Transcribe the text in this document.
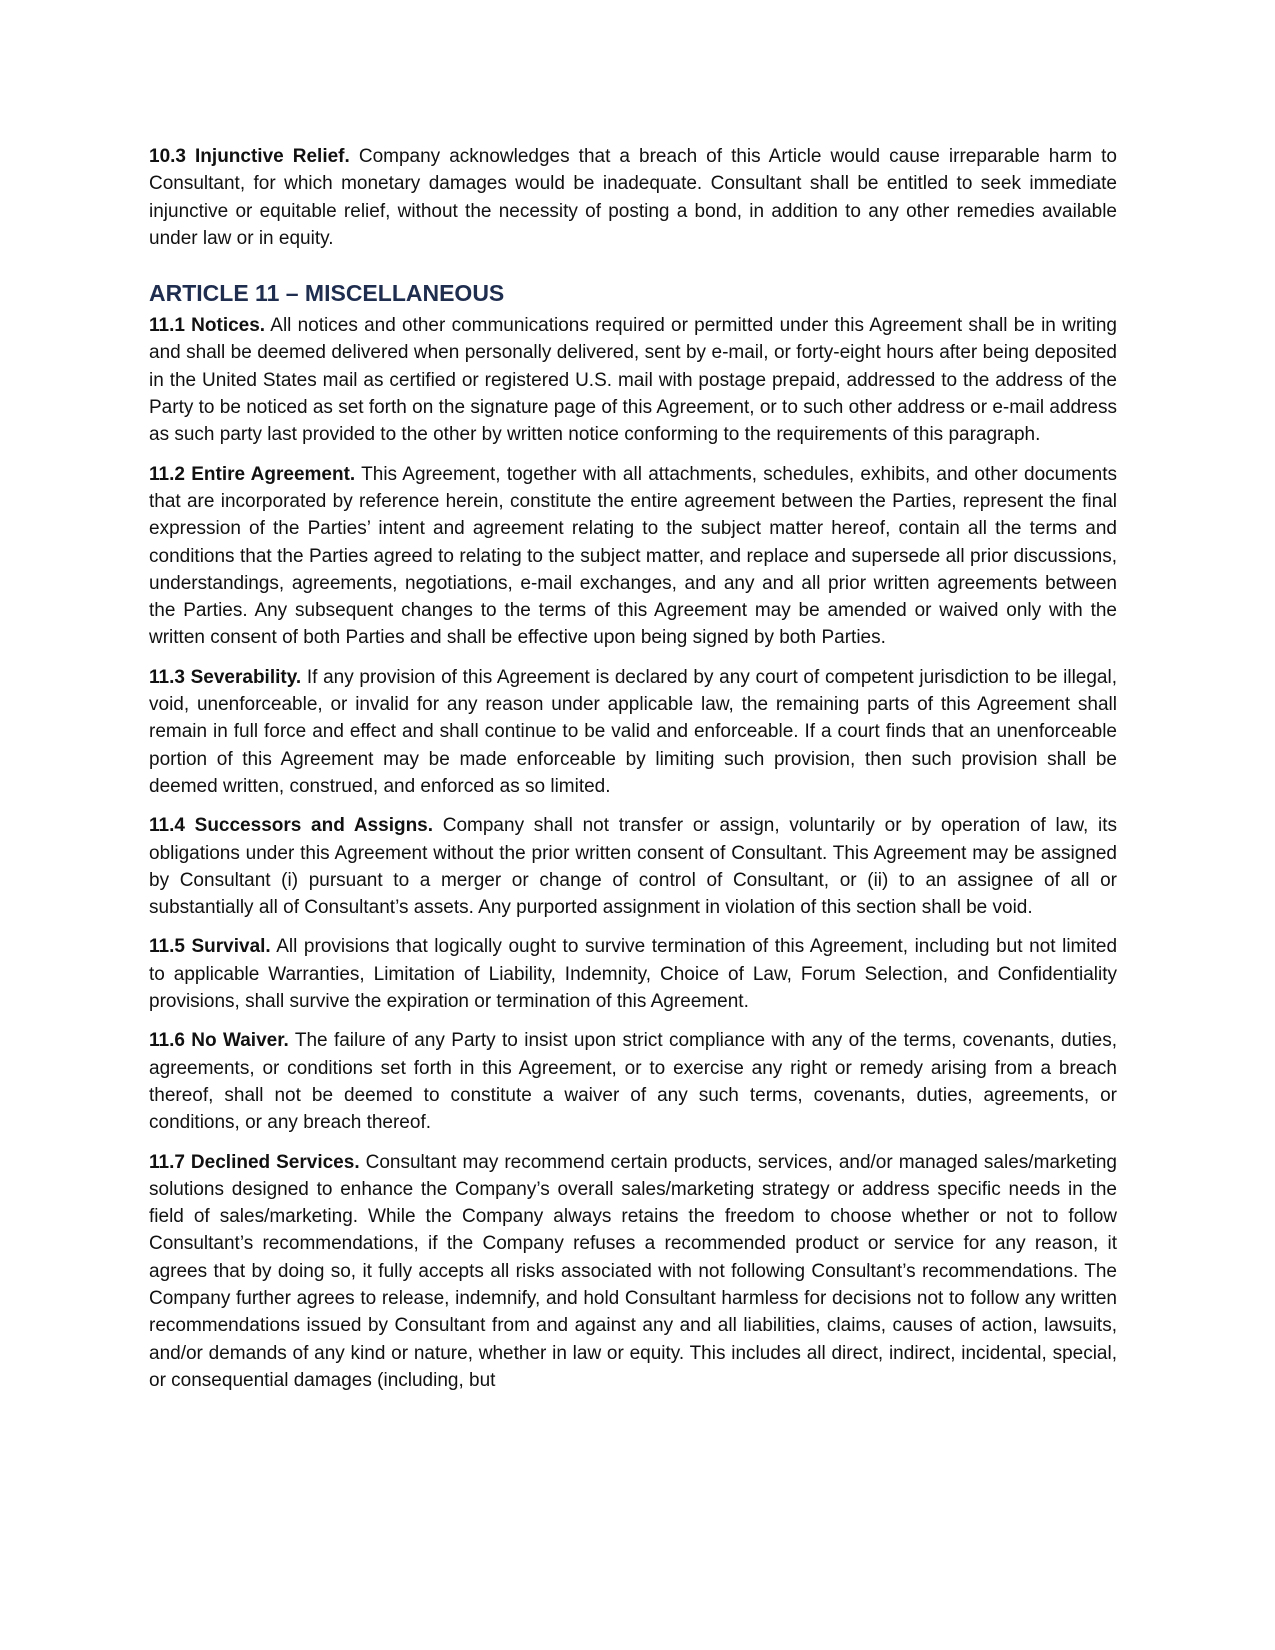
10.3 Injunctive Relief. Company acknowledges that a breach of this Article would cause irreparable harm to Consultant, for which monetary damages would be inadequate. Consultant shall be entitled to seek immediate injunctive or equitable relief, without the necessity of posting a bond, in addition to any other remedies available under law or in equity.

ARTICLE 11 – MISCELLANEOUS

11.1 Notices. All notices and other communications required or permitted under this Agreement shall be in writing and shall be deemed delivered when personally delivered, sent by e-mail, or forty-eight hours after being deposited in the United States mail as certified or registered U.S. mail with postage prepaid, addressed to the address of the Party to be noticed as set forth on the signature page of this Agreement, or to such other address or e-mail address as such party last provided to the other by written notice conforming to the requirements of this paragraph.

11.2 Entire Agreement. This Agreement, together with all attachments, schedules, exhibits, and other documents that are incorporated by reference herein, constitute the entire agreement between the Parties, represent the final expression of the Parties’ intent and agreement relating to the subject matter hereof, contain all the terms and conditions that the Parties agreed to relating to the subject matter, and replace and supersede all prior discussions, understandings, agreements, negotiations, e-mail exchanges, and any and all prior written agreements between the Parties. Any subsequent changes to the terms of this Agreement may be amended or waived only with the written consent of both Parties and shall be effective upon being signed by both Parties.

11.3 Severability. If any provision of this Agreement is declared by any court of competent jurisdiction to be illegal, void, unenforceable, or invalid for any reason under applicable law, the remaining parts of this Agreement shall remain in full force and effect and shall continue to be valid and enforceable. If a court finds that an unenforceable portion of this Agreement may be made enforceable by limiting such provision, then such provision shall be deemed written, construed, and enforced as so limited.

11.4 Successors and Assigns. Company shall not transfer or assign, voluntarily or by operation of law, its obligations under this Agreement without the prior written consent of Consultant. This Agreement may be assigned by Consultant (i) pursuant to a merger or change of control of Consultant, or (ii) to an assignee of all or substantially all of Consultant’s assets. Any purported assignment in violation of this section shall be void.

11.5 Survival. All provisions that logically ought to survive termination of this Agreement, including but not limited to applicable Warranties, Limitation of Liability, Indemnity, Choice of Law, Forum Selection, and Confidentiality provisions, shall survive the expiration or termination of this Agreement.

11.6 No Waiver. The failure of any Party to insist upon strict compliance with any of the terms, covenants, duties, agreements, or conditions set forth in this Agreement, or to exercise any right or remedy arising from a breach thereof, shall not be deemed to constitute a waiver of any such terms, covenants, duties, agreements, or conditions, or any breach thereof.

11.7 Declined Services. Consultant may recommend certain products, services, and/or managed sales/marketing solutions designed to enhance the Company’s overall sales/marketing strategy or address specific needs in the field of sales/marketing. While the Company always retains the freedom to choose whether or not to follow Consultant’s recommendations, if the Company refuses a recommended product or service for any reason, it agrees that by doing so, it fully accepts all risks associated with not following Consultant’s recommendations. The Company further agrees to release, indemnify, and hold Consultant harmless for decisions not to follow any written recommendations issued by Consultant from and against any and all liabilities, claims, causes of action, lawsuits, and/or demands of any kind or nature, whether in law or equity. This includes all direct, indirect, incidental, special, or consequential damages (including, but
